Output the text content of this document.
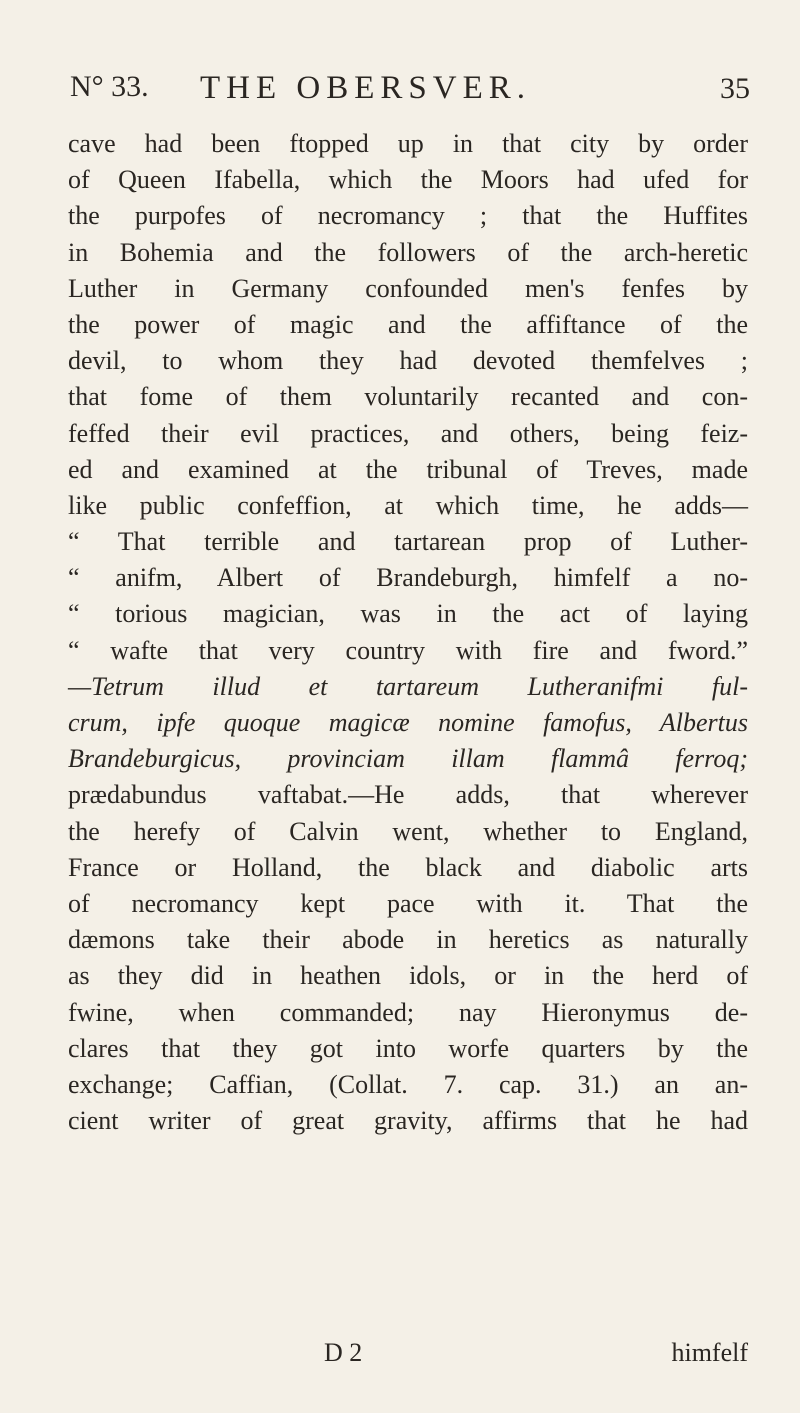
N° 33. THE OBERSVER.	35
cave had been ftopped up in that city by order
of Queen Ifabella, which the Moors had ufed for
the purpofes of necromancy ; that the Huffites
in Bohemia and the followers of the arch-heretic
Luther in Germany confounded men's fenfes by
the power of magic and the affiftance of the
devil, to whom they had devoted themfelves ;
that fome of them voluntarily recanted and con-
feffed their evil practices, and others, being feiz-
ed and examined at the tribunal of Treves, made
like public confeffion, at which time, he adds—
“ That terrible and tartarean prop of Luther-
“ anifm, Albert of Brandeburgh, himfelf a no-
“ torious magician, was in the act of laying
“ wafte that very country with fire and fword.”
—Tetrum illud et tartareum Lutheranifmi ful-
crum, ipfe quoque magicæ nomine famofus, Albertus
Brandeburgicus, provinciam illam flammâ ferroq;
prædabundus vaftabat.—He adds, that wherever
the herefy of Calvin went, whether to England,
France or Holland, the black and diabolic arts
of necromancy kept pace with it. That the
dæmons take their abode in heretics as naturally
as they did in heathen idols, or in the herd of
fwine, when commanded; nay Hieronymus de-
clares that they got into worfe quarters by the
exchange; Caffian, (Collat. 7. cap. 31.) an an-
cient writer of great gravity, affirms that he had
D 2	himfelf
